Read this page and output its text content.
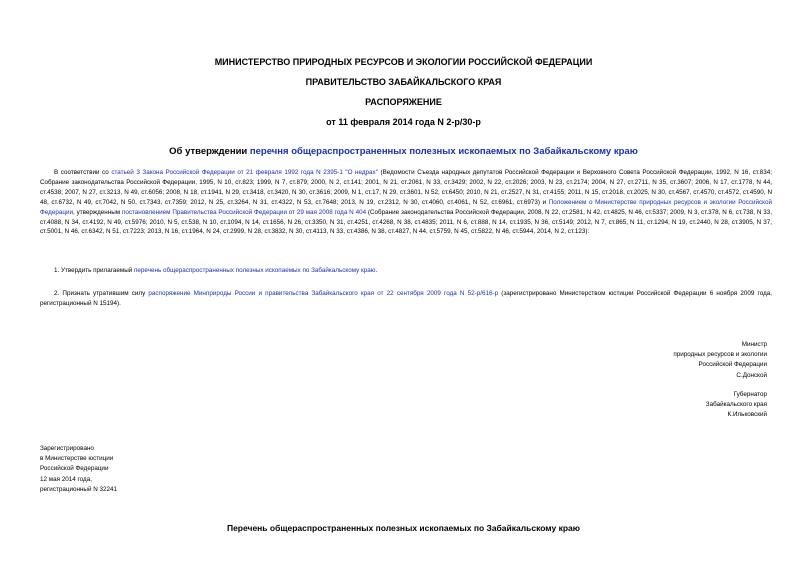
МИНИСТЕРСТВО ПРИРОДНЫХ РЕСУРСОВ И ЭКОЛОГИИ РОССИЙСКОЙ ФЕДЕРАЦИИ
ПРАВИТЕЛЬСТВО ЗАБАЙКАЛЬСКОГО КРАЯ
РАСПОРЯЖЕНИЕ
от 11 февраля 2014 года N 2-р/30-р
Об утверждении перечня общераспространенных полезных ископаемых по Забайкальскому краю
В соответствии со статьей 3 Закона Российской Федерации от 21 февраля 1992 года N 2395-1 "О недрах" (Ведомости Съезда народных депутатов Российской Федерации и Верховного Совета Российской Федерации, 1992, N 16, ст.834; Собрание законодательства Российской Федерации, 1995, N 10, ст.823; 1999, N 7, ст.879; 2000, N 2, ст.141; 2001, N 21, ст.2061, N 33, ст.3429; 2002, N 22, ст.2026; 2003, N 23, ст.2174; 2004, N 27, ст.2711, N 35, ст.3607; 2006, N 17, ст.1778, N 44, ст.4538; 2007, N 27, ст.3213, N 49, ст.6056; 2008, N 18, ст.1941, N 29, ст.3418, ст.3420, N 30, ст.3616; 2009, N 1, ст.17, N 29, ст.3601, N 52, ст.6450; 2010, N 21, ст.2527, N 31, ст.4155; 2011, N 15, ст.2018, ст.2025, N 30, ст.4567, ст.4570, ст.4572, ст.4590, N 48, ст.6732, N 49, ст.7042, N 50, ст.7343, ст.7359; 2012, N 25, ст.3264, N 31, ст.4322, N 53, ст.7648; 2013, N 19, ст.2312, N 30, ст.4060, ст.4061, N 52, ст.6961, ст.6973) и Положением о Министерстве природных ресурсов и экологии Российской Федерации, утвержденным постановлением Правительства Российской Федерации от 29 мая 2008 года N 404 (Собрание законодательства Российской Федерации, 2008, N 22, ст.2581, N 42, ст.4825, N 46, ст.5337; 2009, N 3, ст.378, N 6, ст.738, N 33, ст.4088, N 34, ст.4192, N 49, ст.5976; 2010, N 5, ст.538, N 10, ст.1094, N 14, ст.1656, N 26, ст.3350, N 31, ст.4251, ст.4268, N 38, ст.4835; 2011, N 6, ст.888, N 14, ст.1935, N 36, ст.5149; 2012, N 7, ст.865, N 11, ст.1294, N 19, ст.2440, N 28, ст.3905, N 37, ст.5001, N 46, ст.6342, N 51, ст.7223; 2013, N 16, ст.1964, N 24, ст.2999, N 28, ст.3832, N 30, ст.4113, N 33, ст.4386, N 38, ст.4827, N 44, ст.5759, N 45, ст.5822, N 46, ст.5944, 2014, N 2, ст.123):
1. Утвердить прилагаемый перечень общераспространенных полезных ископаемых по Забайкальскому краю.
2. Признать утратившим силу распоряжение Минприроды России и правительства Забайкальского края от 22 сентября 2009 года N 52-р/616-р (зарегистрировано Министерством юстиции Российской Федерации 6 ноября 2009 года, регистрационный N 15194).
Министр
природных ресурсов и экологии
Российской Федерации
С.Донской
Губернатор
Забайкальского края
К.Ильковский
Зарегистрировано
в Министерстве юстиции
Российской Федерации
12 мая 2014 года,
регистрационный N 32241
Перечень общераспространенных полезных ископаемых по Забайкальскому краю
